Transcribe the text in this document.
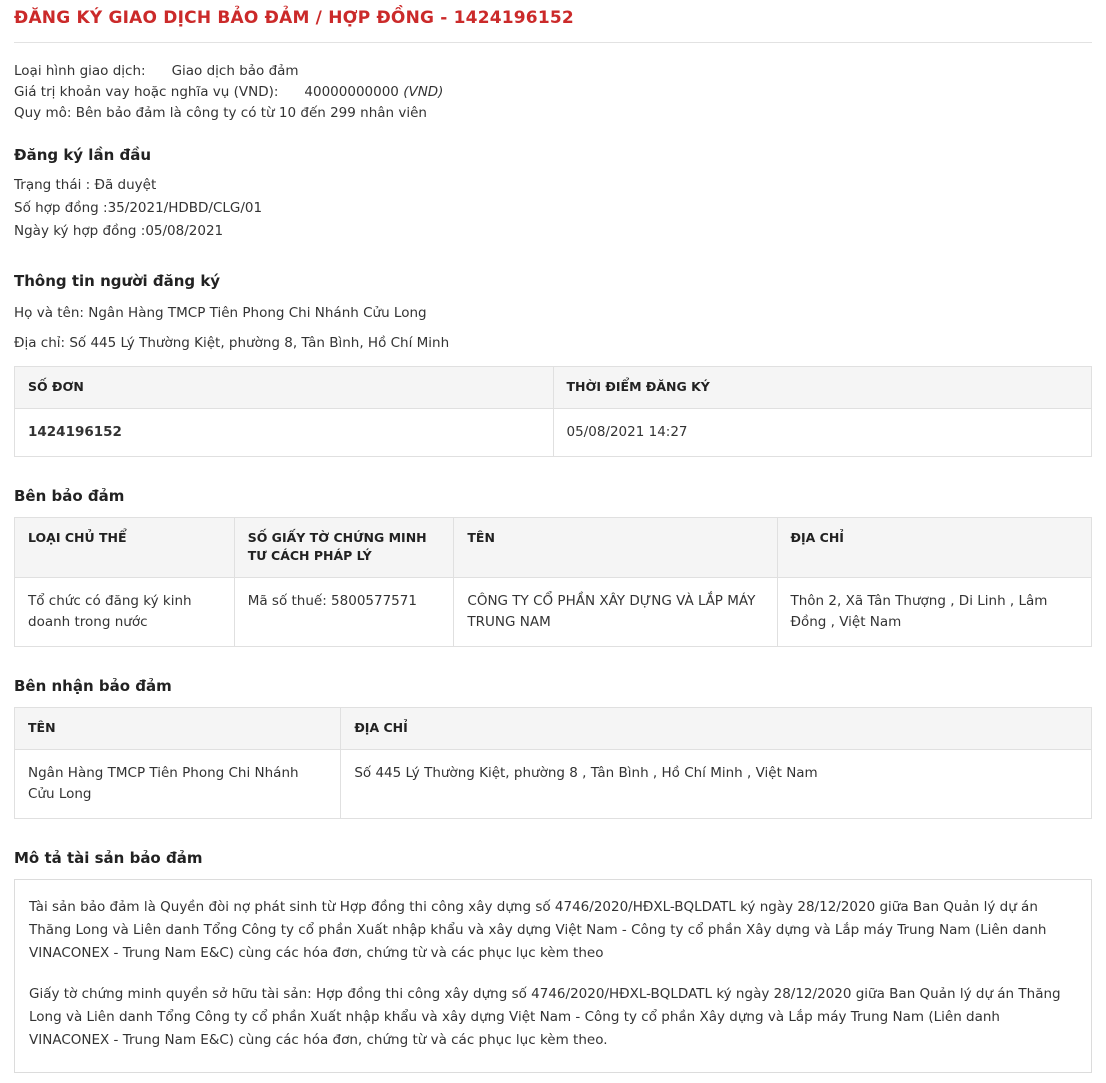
ĐĂNG KÝ GIAO DỊCH BẢO ĐẢM / HỢP ĐỒNG - 1424196152
Loại hình giao dịch: Giao dịch bảo đảm
Giá trị khoản vay hoặc nghĩa vụ (VND): 40000000000 (VND)
Quy mô: Bên bảo đảm là công ty có từ 10 đến 299 nhân viên
Đăng ký lần đầu
Trạng thái : Đã duyệt
Số hợp đồng :35/2021/HDBD/CLG/01
Ngày ký hợp đồng :05/08/2021
Thông tin người đăng ký
Họ và tên: Ngân Hàng TMCP Tiên Phong Chi Nhánh Cửu Long
Địa chỉ: Số 445 Lý Thường Kiệt, phường 8, Tân Bình, Hồ Chí Minh
SỐ ĐƠN	THỜI ĐIỂM ĐĂNG KÝ
1424196152	05/08/2021 14:27
Bên bảo đảm
LOẠI CHỦ THỂ	SỐ GIẤY TỜ CHỨNG MINH TƯ CÁCH PHÁP LÝ	TÊN	ĐỊA CHỈ
Tổ chức có đăng ký kinh doanh trong nước	Mã số thuế: 5800577571	CÔNG TY CỔ PHẦN XÂY DỰNG VÀ LẮP MÁY TRUNG NAM	Thôn 2, Xã Tân Thượng , Di Linh , Lâm Đồng , Việt Nam
Bên nhận bảo đảm
TÊN	ĐỊA CHỈ
Ngân Hàng TMCP Tiên Phong Chi Nhánh Cửu Long	Số 445 Lý Thường Kiệt, phường 8 , Tân Bình , Hồ Chí Minh , Việt Nam
Mô tả tài sản bảo đảm

Tài sản bảo đảm là Quyền đòi nợ phát sinh từ Hợp đồng thi công xây dựng số 4746/2020/HĐXL-BQLDATL ký ngày 28/12/2020 giữa Ban Quản lý dự án Thăng Long và Liên danh Tổng Công ty cổ phần Xuất nhập khẩu và xây dựng Việt Nam - Công ty cổ phần Xây dựng và Lắp máy Trung Nam (Liên danh VINACONEX - Trung Nam E&C) cùng các hóa đơn, chứng từ và các phục lục kèm theo

Giấy tờ chứng minh quyền sở hữu tài sản: Hợp đồng thi công xây dựng số 4746/2020/HĐXL-BQLDATL ký ngày 28/12/2020 giữa Ban Quản lý dự án Thăng Long và Liên danh Tổng Công ty cổ phần Xuất nhập khẩu và xây dựng Việt Nam - Công ty cổ phần Xây dựng và Lắp máy Trung Nam (Liên danh VINACONEX - Trung Nam E&C) cùng các hóa đơn, chứng từ và các phục lục kèm theo.
